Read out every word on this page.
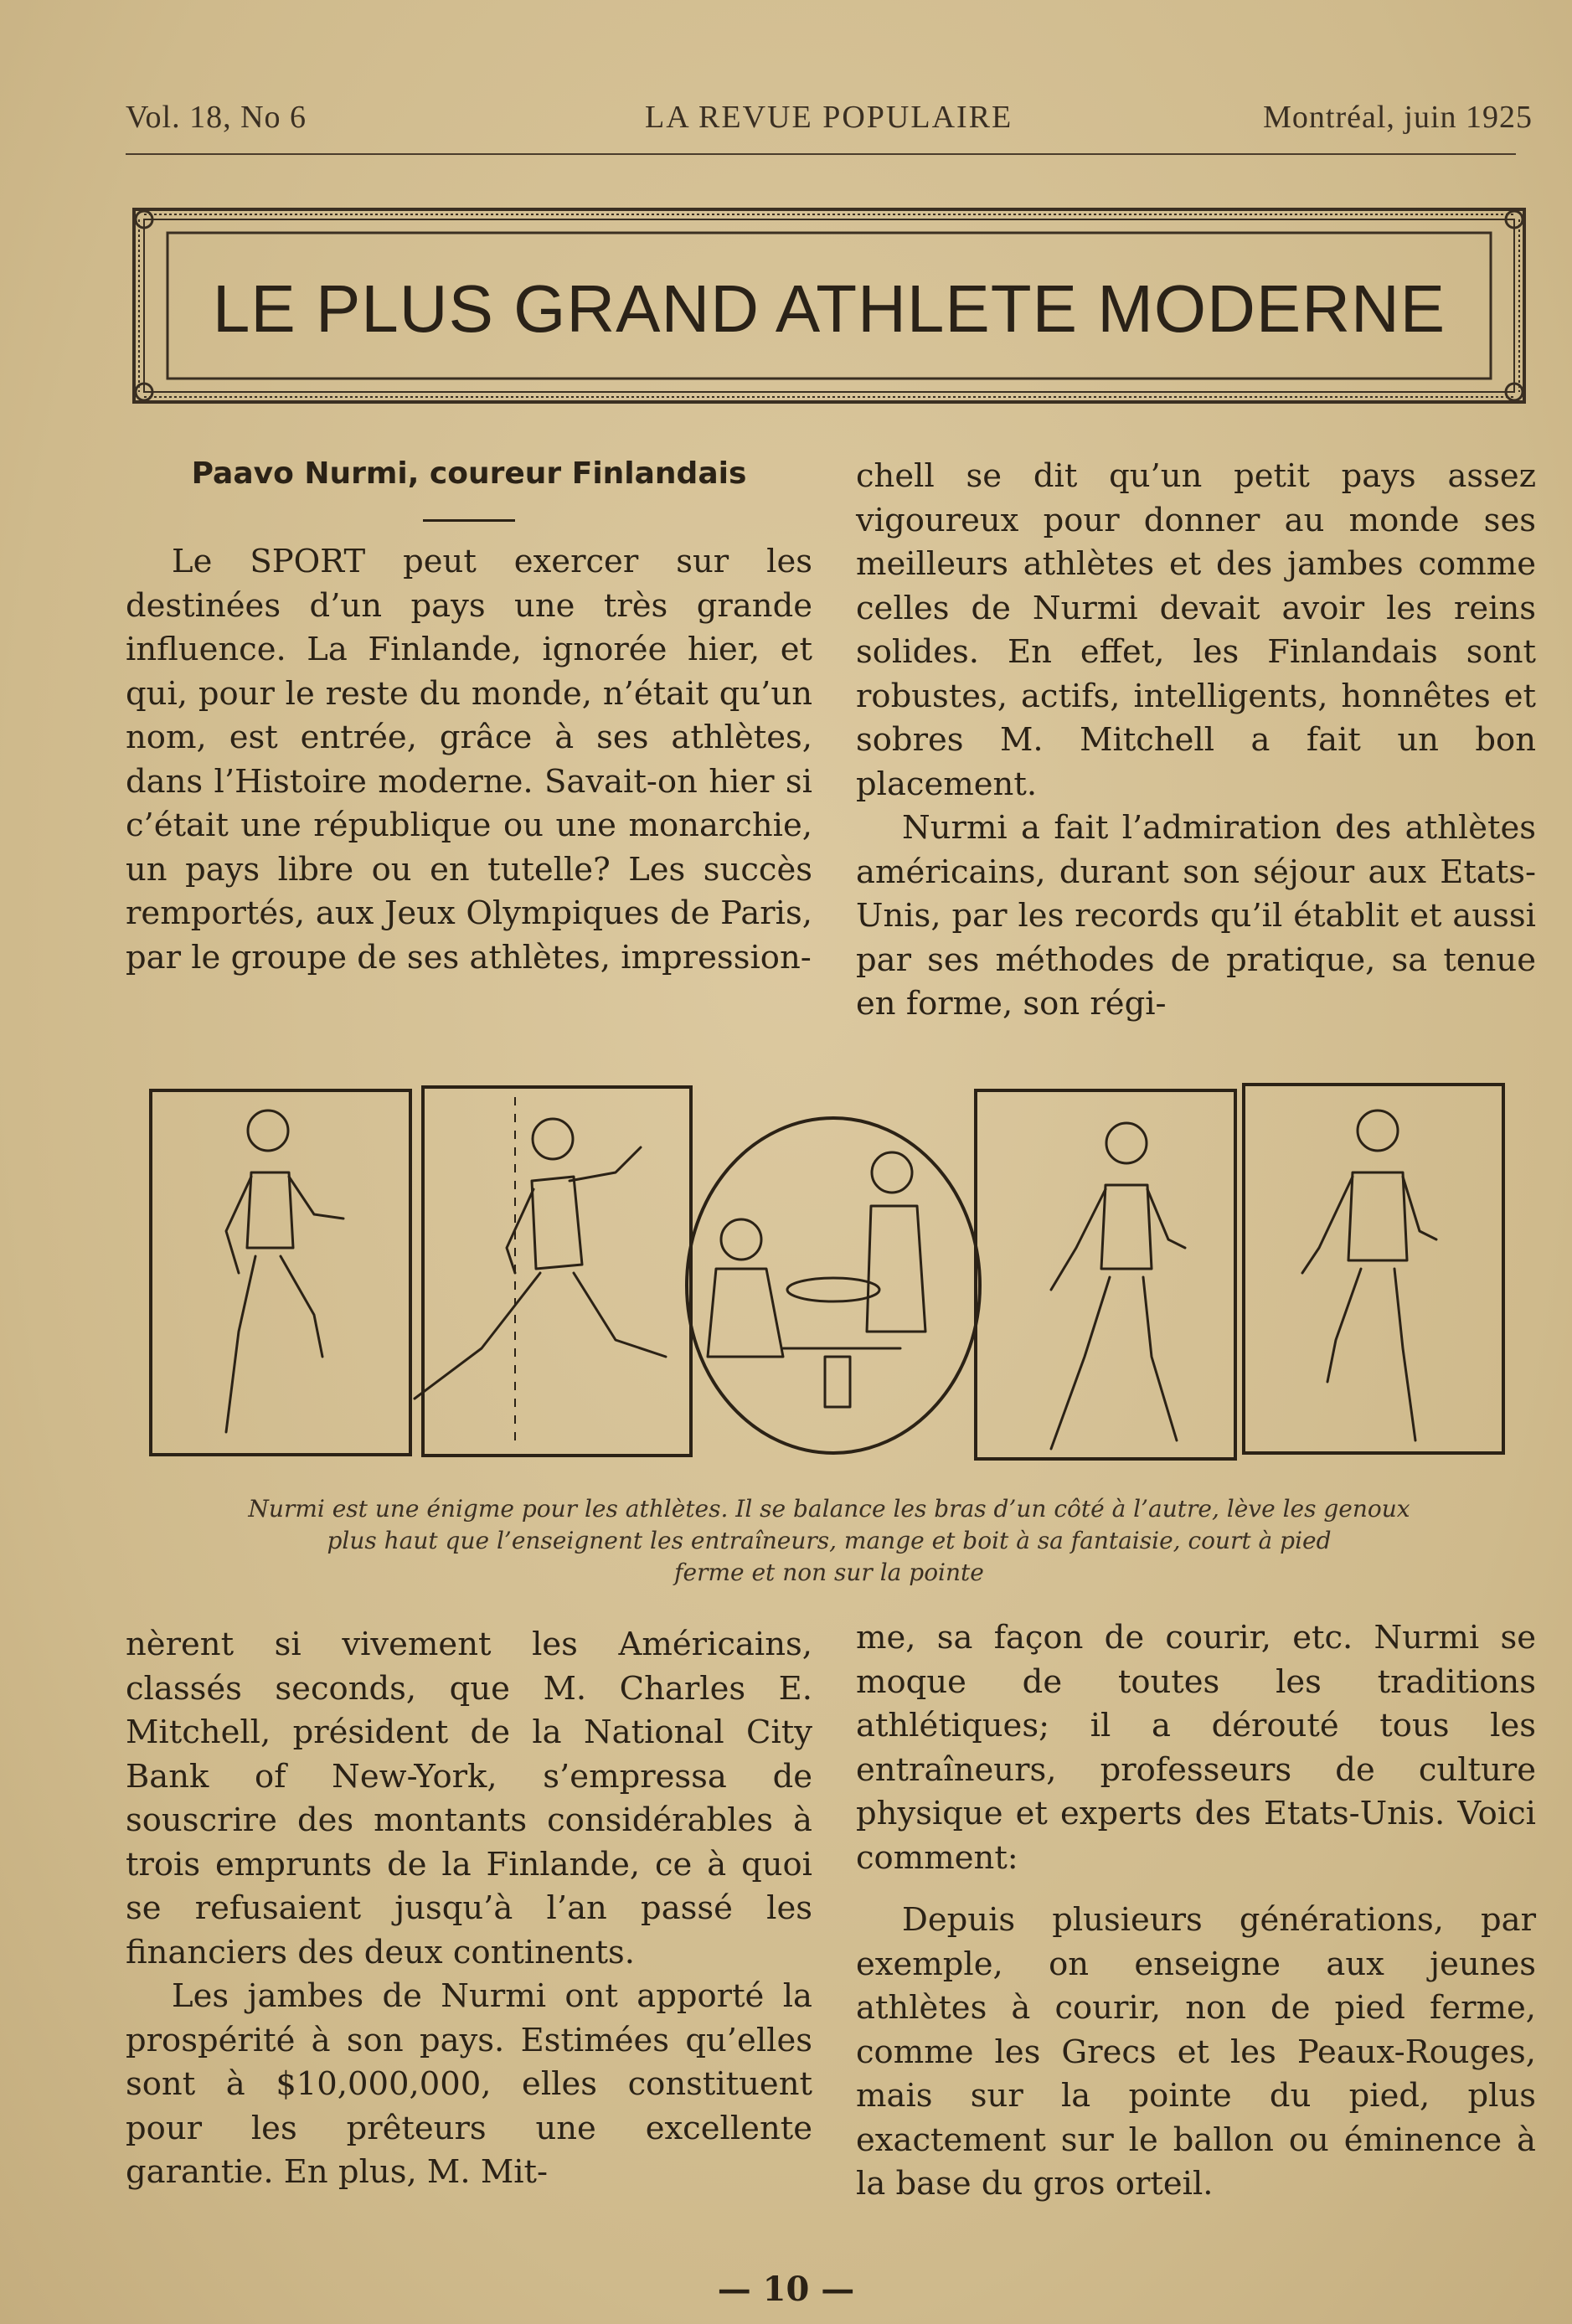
Vol. 18, No 6	LA REVUE POPULAIRE	Montréal, juin 1925
LE PLUS GRAND ATHLETE MODERNE
Paavo Nurmi, coureur Finlandais

Le SPORT peut exercer sur les destinées d’un pays une très grande influence. La Finlande, ignorée hier, et qui, pour le reste du monde, n’était qu’un nom, est entrée, grâce à ses athlètes, dans l’Histoire moderne. Savait-on hier si c’était une république ou une monarchie, un pays libre ou en tutelle? Les succès remportés, aux Jeux Olympiques de Paris, par le groupe de ses athlètes, impression-

chell se dit qu’un petit pays assez vigoureux pour donner au monde ses meilleurs athlètes et des jambes comme celles de Nurmi devait avoir les reins solides. En effet, les Finlandais sont robustes, actifs, intelligents, honnêtes et sobres M. Mitchell a fait un bon placement.

Nurmi a fait l’admiration des athlètes américains, durant son séjour aux Etats-Unis, par les records qu’il établit et aussi par ses méthodes de pratique, sa tenue en forme, son régi-

Nurmi est une énigme pour les athlètes. Il se balance les bras d’un côté à l’autre, lève les genoux
plus haut que l’enseignent les entraîneurs, mange et boit à sa fantaisie, court à pied
ferme et non sur la pointe

nèrent si vivement les Américains, classés seconds, que M. Charles E. Mitchell, président de la National City Bank of New-York, s’empressa de souscrire des montants considérables à trois emprunts de la Finlande, ce à quoi se refusaient jusqu’à l’an passé les financiers des deux continents.

Les jambes de Nurmi ont apporté la prospérité à son pays. Estimées qu’elles sont à $10,000,000, elles constituent pour les prêteurs une excellente garantie. En plus, M. Mit-

me, sa façon de courir, etc. Nurmi se moque de toutes les traditions athlétiques; il a dérouté tous les entraîneurs, professeurs de culture physique et experts des Etats-Unis. Voici comment:

Depuis plusieurs générations, par exemple, on enseigne aux jeunes athlètes à courir, non de pied ferme, comme les Grecs et les Peaux-Rouges, mais sur la pointe du pied, plus exactement sur le ballon ou éminence à la base du gros orteil.

— 10 —
